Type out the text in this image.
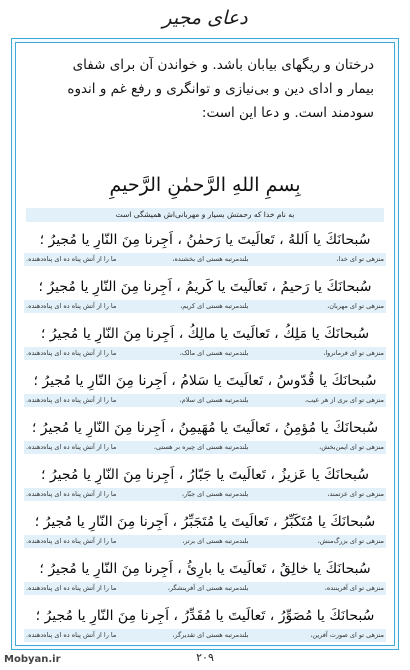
دعای مجیر

درختان و ریگهای بیابان باشد. و خواندن آن برای شفای

بیمار و ادای دین و بی‌نیازی و توانگری و رفع غم و اندوه

سودمند است. و دعا این است:

بِسمِ اللهِ الرَّحمٰنِ الرَّحیمِ
به نام خدا که رحمتش بسیار و مهربانی‌اش همیشگی است
سُبحانَكَ یا اَللهُ ، تَعالَیتَ یا رَحمٰنُ ، اَجِرنا مِنَ النّارِ یا مُجیرُ ؛
منزهی تو ای خدا،
بلندمرتبه هستی ای بخشنده،
ما را از آتش پناه ده ای پناه‌دهنده.
سُبحانَكَ یا رَحیمُ ، تَعالَیتَ یا كَریمُ ، اَجِرنا مِنَ النّارِ یا مُجیرُ ؛
منزهی تو ای مهربان،
بلندمرتبه هستی ای کریم،
ما را از آتش پناه ده ای پناه‌دهنده.
سُبحانَكَ یا مَلِكُ ، تَعالَیتَ یا مالِكُ ، اَجِرنا مِنَ النّارِ یا مُجیرُ ؛
منزهی تو ای فرمانروا،
بلندمرتبه هستی ای مالک،
ما را از آتش پناه ده ای پناه‌دهنده.
سُبحانَكَ یا قُدّوسُ ، تَعالَیتَ یا سَلامُ ، اَجِرنا مِنَ النّارِ یا مُجیرُ ؛
منزهی تو ای بری از هر عیب،
بلندمرتبه هستی ای سلام،
ما را از آتش پناه ده ای پناه‌دهنده.
سُبحانَكَ یا مُؤمِنُ ، تَعالَیتَ یا مُهَیمِنُ ، اَجِرنا مِنَ النّارِ یا مُجیرُ ؛
منزهی تو ای ایمن‌بخش،
بلندمرتبه هستی ای چیره بر هستی،
ما را از آتش پناه ده ای پناه‌دهنده.
سُبحانَكَ یا عَزیزُ ، تَعالَیتَ یا جَبّارُ ، اَجِرنا مِنَ النّارِ یا مُجیرُ ؛
منزهی تو ای عزتمند،
بلندمرتبه هستی ای جبّار،
ما را از آتش پناه ده ای پناه‌دهنده.
سُبحانَكَ یا مُتَكَبِّرُ ، تَعالَیتَ یا مُتَجَبِّرُ ، اَجِرنا مِنَ النّارِ یا مُجیرُ ؛
منزهی تو ای بزرگ‌منش،
بلندمرتبه هستی ای برتر،
ما را از آتش پناه ده ای پناه‌دهنده.
سُبحانَكَ یا خالِقُ ، تَعالَیتَ یا بارِئُ ، اَجِرنا مِنَ النّارِ یا مُجیرُ ؛
منزهی تو ای آفریننده،
بلندمرتبه هستی ای آفرینشگر،
ما را از آتش پناه ده ای پناه‌دهنده.
سُبحانَكَ یا مُصَوِّرُ ، تَعالَیتَ یا مُقَدِّرُ ، اَجِرنا مِنَ النّارِ یا مُجیرُ ؛
منزهی تو ای صورت آفرین،
بلندمرتبه هستی ای تقدیرگر،
ما را از آتش پناه ده ای پناه‌دهنده.
۲۰۹
Mobyan.ir
